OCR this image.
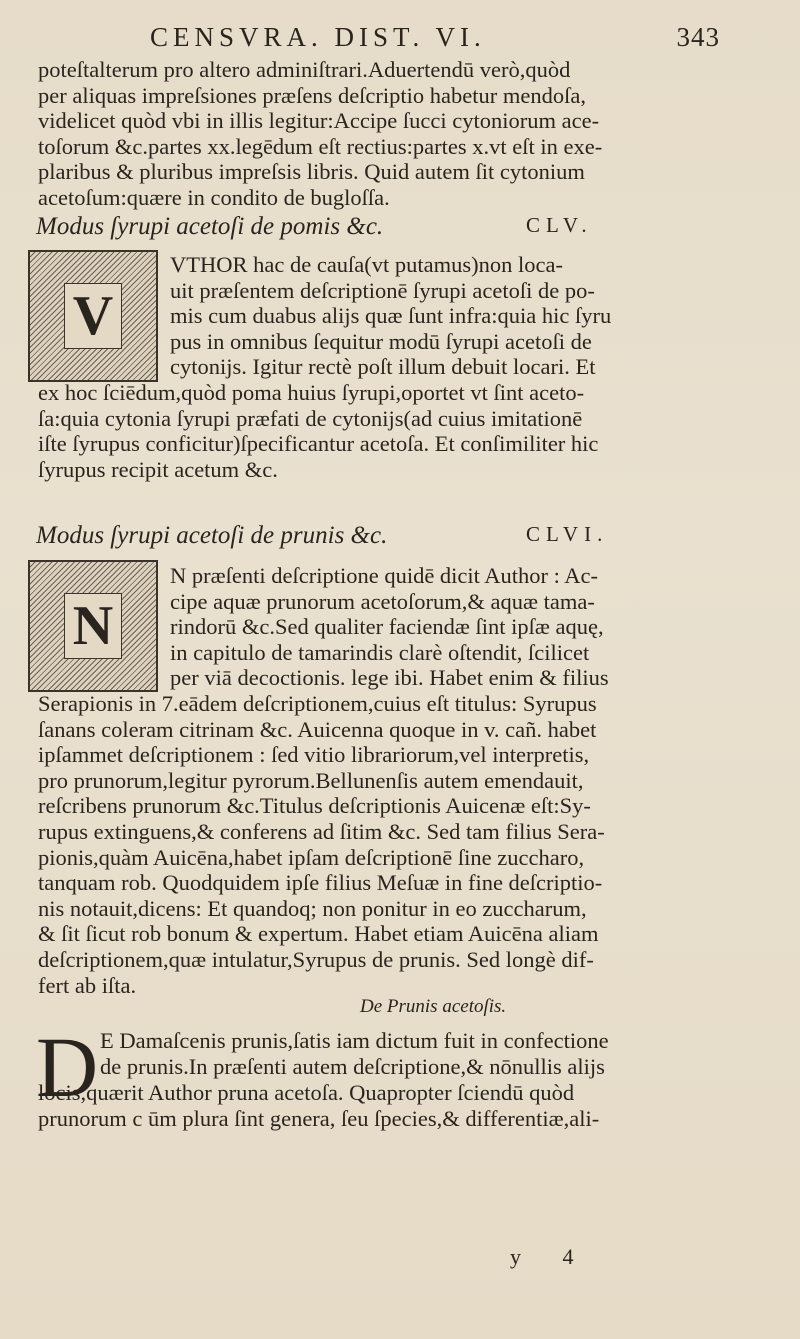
CENSVRA. DIST. VI.	343
poteſtalterum pro altero adminiſtrari.Aduertendū verò,quòd
per aliquas impreſsiones præſens deſcriptio habetur mendoſa,
videlicet quòd vbi in illis legitur:Accipe ſucci cytoniorum ace-
toſorum &c.partes xx.legēdum eſt rectius:partes x.vt eſt in exe-
plaribus & pluribus impreſsis libris. Quid autem ſit cytonium
acetoſum:quære in condito de bugloſſa.
Modus ſyrupi acetoſi de pomis &c.	CLV.
V
VTHOR hac de cauſa(vt putamus)non loca-
uit præſentem deſcriptionē ſyrupi acetoſi de po-
mis cum duabus alijs quæ ſunt infra:quia hic ſyru
pus in omnibus ſequitur modū ſyrupi acetoſi de
cytonijs. Igitur rectè poſt illum debuit locari. Et
ex hoc ſciēdum,quòd poma huius ſyrupi,oportet vt ſint aceto-
ſa:quia cytonia ſyrupi præfati de cytonijs(ad cuius imitationē
iſte ſyrupus conficitur)ſpecificantur acetoſa. Et conſimiliter hic
ſyrupus recipit acetum &c.
Modus ſyrupi acetoſi de prunis &c.	CLVI.
N
N præſenti deſcriptione quidē dicit Author : Ac-
cipe aquæ prunorum acetoſorum,& aquæ tama-
rindorū &c.Sed qualiter faciendæ ſint ipſæ aquę,
in capitulo de tamarindis clarè oſtendit, ſcilicet
per viā decoctionis. lege ibi. Habet enim & filius
Serapionis in 7.eādem deſcriptionem,cuius eſt titulus: Syrupus
ſanans coleram citrinam &c. Auicenna quoque in v. cañ. habet
ipſammet deſcriptionem : ſed vitio librariorum,vel interpretis,
pro prunorum,legitur pyrorum.Bellunenſis autem emendauit,
reſcribens prunorum &c.Titulus deſcriptionis Auicenæ eſt:Sy-
rupus extinguens,& conferens ad ſitim &c. Sed tam filius Sera-
pionis,quàm Auicēna,habet ipſam deſcriptionē ſine zuccharo,
tanquam rob. Quodquidem ipſe filius Meſuæ in fine deſcriptio-
nis notauit,dicens: Et quandoq; non ponitur in eo zuccharum,
& ſit ſicut rob bonum & expertum. Habet etiam Auicēna aliam
deſcriptionem,quæ intulatur,Syrupus de prunis. Sed longè dif-
fert ab iſta.
De Prunis acetoſis.
D E Damaſcenis prunis,ſatis iam dictum fuit in confectione
de prunis.In præſenti autem deſcriptione,& nōnullis alijs
locis,quærit Author pruna acetoſa. Quapropter ſciendū quòd
prunorum c ūm plura ſint genera, ſeu ſpecies,& differentiæ,ali-
y 4
